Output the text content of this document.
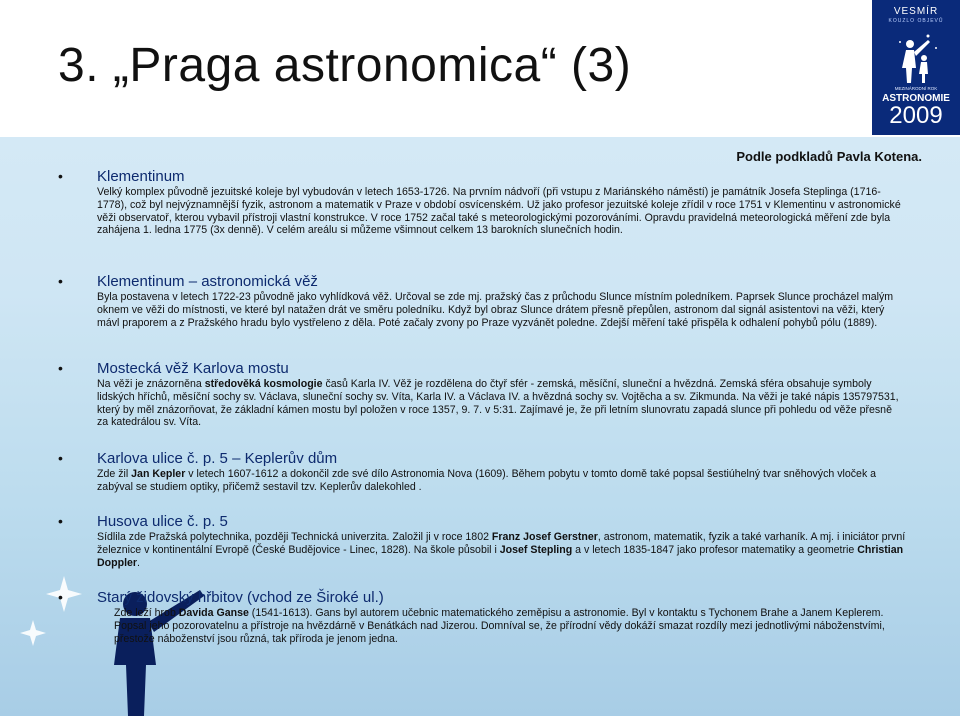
3. „Praga astronomica“ (3)
VESMÍR
KOUZLO OBJEVŮ
MEZINÁRODNÍ ROK
ASTRONOMIE
2009
Podle podkladů Pavla Kotena.
• Klementinum
Velký komplex původně jezuitské koleje byl vybudován v letech 1653-1726. Na prvním nádvoří (při vstupu z Mariánského náměstí) je památník Josefa Steplinga (1716-1778), což byl nejvýznamnější fyzik, astronom a matematik v Praze v období osvícenském. Už jako profesor jezuitské koleje zřídil v roce 1751 v Klementinu v astronomické věži observatoř, kterou vybavil přístroji vlastní konstrukce. V roce 1752 začal také s meteorologickými pozorováními. Opravdu pravidelná meteorologická měření zde byla zahájena 1. ledna 1775 (3x denně). V celém areálu si můžeme všimnout celkem 13 barokních slunečních hodin.
• Klementinum – astronomická věž
Byla postavena v letech 1722-23 původně jako vyhlídková věž. Určoval se zde mj. pražský čas z průchodu Slunce místním poledníkem. Paprsek Slunce procházel malým oknem ve věži do místnosti, ve které byl natažen drát ve směru poledníku. Když byl obraz Slunce drátem přesně přepůlen, astronom dal signál asistentovi na věži, který mávl praporem a z Pražského hradu bylo vystřeleno z děla. Poté začaly zvony po Praze vyzvánět poledne. Zdejší měření také přispěla k odhalení pohybů pólu (1889).
• Mostecká věž Karlova mostu
Na věži je znázorněna středověká kosmologie časů Karla IV. Věž je rozdělena do čtyř sfér - zemská, měsíční, sluneční a hvězdná. Zemská sféra obsahuje symboly lidských hříchů, měsíční sochy sv. Václava, sluneční sochy sv. Víta, Karla IV. a Václava IV. a hvězdná sochy sv. Vojtěcha a sv. Zikmunda. Na věži je také nápis 135797531, který by měl znázorňovat, že základní kámen mostu byl položen v roce 1357, 9. 7. v 5:31. Zajímavé je, že při letním slunovratu zapadá slunce při pohledu od věže přesně za katedrálou sv. Víta.
• Karlova ulice č. p. 5 – Keplerův dům
Zde žil Jan Kepler v letech 1607-1612 a dokončil zde své dílo Astronomia Nova (1609). Během pobytu v tomto domě také popsal šestiúhelný tvar sněhových vloček a zabýval se studiem optiky, přičemž sestavil tzv. Keplerův dalekohled .
• Husova ulice č. p. 5
Sídlila zde Pražská polytechnika, později Technická univerzita. Založil ji v roce 1802 Franz Josef Gerstner, astronom, matematik, fyzik a také varhaník. A mj. i iniciátor první železnice v kontinentální Evropě (České Budějovice - Linec, 1828). Na škole působil i Josef Stepling a v letech 1835-1847 jako profesor matematiky a geometrie Christian Doppler.
• Starý židovský hřbitov (vchod ze Široké ul.)
Zde leží hrob Davida Ganse (1541-1613). Gans byl autorem učebnic matematického zeměpisu a astronomie. Byl v kontaktu s Tychonem Brahe a Janem Keplerem. Popsal jeho pozorovatelnu a přístroje na hvězdárně v Benátkách nad Jizerou. Domníval se, že přírodní vědy dokáží smazat rozdíly mezi jednotlivými náboženstvími, přestože náboženství jsou různá, tak příroda je jenom jedna.
